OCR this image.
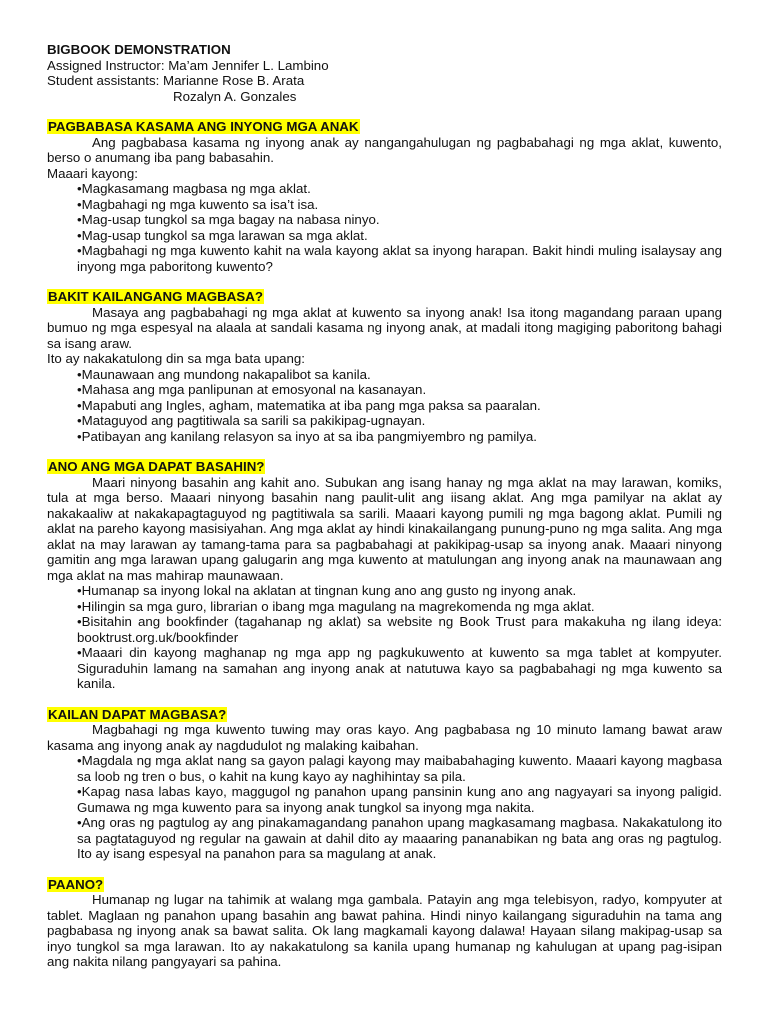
BIGBOOK DEMONSTRATION
Assigned Instructor: Ma’am Jennifer L. Lambino
Student assistants: Marianne Rose B. Arata
Rozalyn A. Gonzales
PAGBABASA KASAMA ANG INYONG MGA ANAK

Ang pagbabasa kasama ng inyong anak ay nangangahulugan ng pagbabahagi ng mga aklat, kuwento, berso o anumang iba pang babasahin.

Maaari kayong:

•Magkasamang magbasa ng mga aklat.
•Magbahagi ng mga kuwento sa isa’t isa.
•Mag-usap tungkol sa mga bagay na nabasa ninyo.
•Mag-usap tungkol sa mga larawan sa mga aklat.
•Magbahagi ng mga kuwento kahit na wala kayong aklat sa inyong harapan. Bakit hindi muling isalaysay ang inyong mga paboritong kuwento?
BAKIT KAILANGANG MAGBASA?

Masaya ang pagbabahagi ng mga aklat at kuwento sa inyong anak! Isa itong magandang paraan upang bumuo ng mga espesyal na alaala at sandali kasama ng inyong anak, at madali itong magiging paboritong bahagi sa isang araw.

Ito ay nakakatulong din sa mga bata upang:

•Maunawaan ang mundong nakapalibot sa kanila.
•Mahasa ang mga panlipunan at emosyonal na kasanayan.
•Mapabuti ang Ingles, agham, matematika at iba pang mga paksa sa paaralan.
•Mataguyod ang pagtitiwala sa sarili sa pakikipag-ugnayan.
•Patibayan ang kanilang relasyon sa inyo at sa iba pangmiyembro ng pamilya.
ANO ANG MGA DAPAT BASAHIN?

Maari ninyong basahin ang kahit ano. Subukan ang isang hanay ng mga aklat na may larawan, komiks, tula at mga berso. Maaari ninyong basahin nang paulit-ulit ang iisang aklat. Ang mga pamilyar na aklat ay nakakaaliw at nakakapagtaguyod ng pagtitiwala sa sarili. Maaari kayong pumili ng mga bagong aklat. Pumili ng aklat na pareho kayong masisiyahan. Ang mga aklat ay hindi kinakailangang punung-puno ng mga salita. Ang mga aklat na may larawan ay tamang-tama para sa pagbabahagi at pakikipag-usap sa inyong anak. Maaari ninyong gamitin ang mga larawan upang galugarin ang mga kuwento at matulungan ang inyong anak na maunawaan ang mga aklat na mas mahirap maunawaan.

•Humanap sa inyong lokal na aklatan at tingnan kung ano ang gusto ng inyong anak.
•Hilingin sa mga guro, librarian o ibang mga magulang na magrekomenda ng mga aklat.
•Bisitahin ang bookfinder (tagahanap ng aklat) sa website ng Book Trust para makakuha ng ilang ideya: booktrust.org.uk/bookfinder
•Maaari din kayong maghanap ng mga app ng pagkukuwento at kuwento sa mga tablet at kompyuter. Siguraduhin lamang na samahan ang inyong anak at natutuwa kayo sa pagbabahagi ng mga kuwento sa kanila.
KAILAN DAPAT MAGBASA?

Magbahagi ng mga kuwento tuwing may oras kayo. Ang pagbabasa ng 10 minuto lamang bawat araw kasama ang inyong anak ay nagdudulot ng malaking kaibahan.

•Magdala ng mga aklat nang sa gayon palagi kayong may maibabahaging kuwento. Maaari kayong magbasa sa loob ng tren o bus, o kahit na kung kayo ay naghihintay sa pila.
•Kapag nasa labas kayo, maggugol ng panahon upang pansinin kung ano ang nagyayari sa inyong paligid. Gumawa ng mga kuwento para sa inyong anak tungkol sa inyong mga nakita.
•Ang oras ng pagtulog ay ang pinakamagandang panahon upang magkasamang magbasa. Nakakatulong ito sa pagtataguyod ng regular na gawain at dahil dito ay maaaring pananabikan ng bata ang oras ng pagtulog. Ito ay isang espesyal na panahon para sa magulang at anak.
PAANO?

Humanap ng lugar na tahimik at walang mga gambala. Patayin ang mga telebisyon, radyo, kompyuter at tablet. Maglaan ng panahon upang basahin ang bawat pahina. Hindi ninyo kailangang siguraduhin na tama ang pagbabasa ng inyong anak sa bawat salita. Ok lang magkamali kayong dalawa! Hayaan silang makipag-usap sa inyo tungkol sa mga larawan. Ito ay nakakatulong sa kanila upang humanap ng kahulugan at upang pag-isipan ang nakita nilang pangyayari sa pahina.
